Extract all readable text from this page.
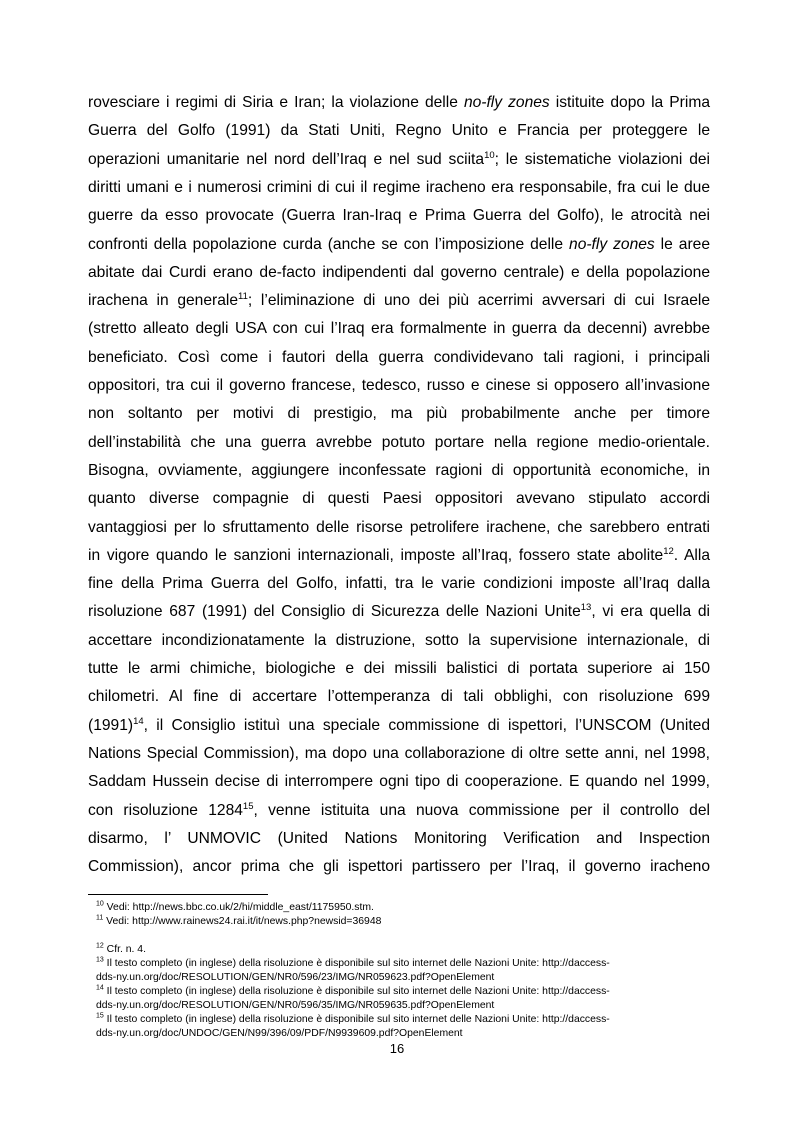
rovesciare i regimi di Siria e Iran; la violazione delle no-fly zones istituite dopo la Prima
Guerra del Golfo (1991) da Stati Uniti, Regno Unito e Francia per proteggere le
operazioni umanitarie nel nord dell’Iraq e nel sud sciita$^{10}$; le sistematiche violazioni dei
diritti umani e i numerosi crimini di cui il regime iracheno era responsabile, fra cui le due
guerre da esso provocate (Guerra Iran-Iraq e Prima Guerra del Golfo), le atrocità nei
confronti della popolazione curda (anche se con l’imposizione delle no-fly zones le aree
abitate dai Curdi erano de-facto indipendenti dal governo centrale) e della popolazione
irachena in generale$^{11}$; l’eliminazione di uno dei più acerrimi avversari di cui Israele
(stretto alleato degli USA con cui l’Iraq era formalmente in guerra da decenni) avrebbe
beneficiato. Così come i fautori della guerra condividevano tali ragioni, i principali
oppositori, tra cui il governo francese, tedesco, russo e cinese si opposero all’invasione
non soltanto per motivi di prestigio, ma più probabilmente anche per timore
dell’instabilità che una guerra avrebbe potuto portare nella regione medio-orientale.
Bisogna, ovviamente, aggiungere inconfessate ragioni di opportunità economiche, in
quanto diverse compagnie di questi Paesi oppositori avevano stipulato accordi
vantaggiosi per lo sfruttamento delle risorse petrolifere irachene, che sarebbero entrati
in vigore quando le sanzioni internazionali, imposte all’Iraq, fossero state abolite$^{12}$. Alla
fine della Prima Guerra del Golfo, infatti, tra le varie condizioni imposte all’Iraq dalla
risoluzione 687 (1991) del Consiglio di Sicurezza delle Nazioni Unite$^{13}$, vi era quella di
accettare incondizionatamente la distruzione, sotto la supervisione internazionale, di
tutte le armi chimiche, biologiche e dei missili balistici di portata superiore ai 150
chilometri. Al fine di accertare l’ottemperanza di tali obblighi, con risoluzione 699
$(1991)^{14}$, il Consiglio istituì una speciale commissione di ispettori, l’UNSCOM (United
Nations Special Commission), ma dopo una collaborazione di oltre sette anni, nel 1998,
Saddam Hussein decise di interrompere ogni tipo di cooperazione. E quando nel 1999,
con risoluzione 1284$^{15}$, venne istituita una nuova commissione per il controllo del
disarmo, l’ UNMOVIC (United Nations Monitoring Verification and Inspection
Commission), ancor prima che gli ispettori partissero per l’Iraq, il governo iracheno
$^{10}$ Vedi: http://news.bbc.co.uk/2/hi/middle_east/1175950.stm.
$^{11}$ Vedi: http://www.rainews24.rai.it/it/news.php?newsid=36948
$^{12}$ Cfr. n. 4.
$^{13}$ Il testo completo (in inglese) della risoluzione è disponibile sul sito internet delle Nazioni Unite: http://daccess-
dds-ny.un.org/doc/RESOLUTION/GEN/NR0/596/23/IMG/NR059623.pdf?OpenElement
$^{14}$ Il testo completo (in inglese) della risoluzione è disponibile sul sito internet delle Nazioni Unite: http://daccess-
dds-ny.un.org/doc/RESOLUTION/GEN/NR0/596/35/IMG/NR059635.pdf?OpenElement
$^{15}$ Il testo completo (in inglese) della risoluzione è disponibile sul sito internet delle Nazioni Unite: http://daccess-
dds-ny.un.org/doc/UNDOC/GEN/N99/396/09/PDF/N9939609.pdf?OpenElement
16
